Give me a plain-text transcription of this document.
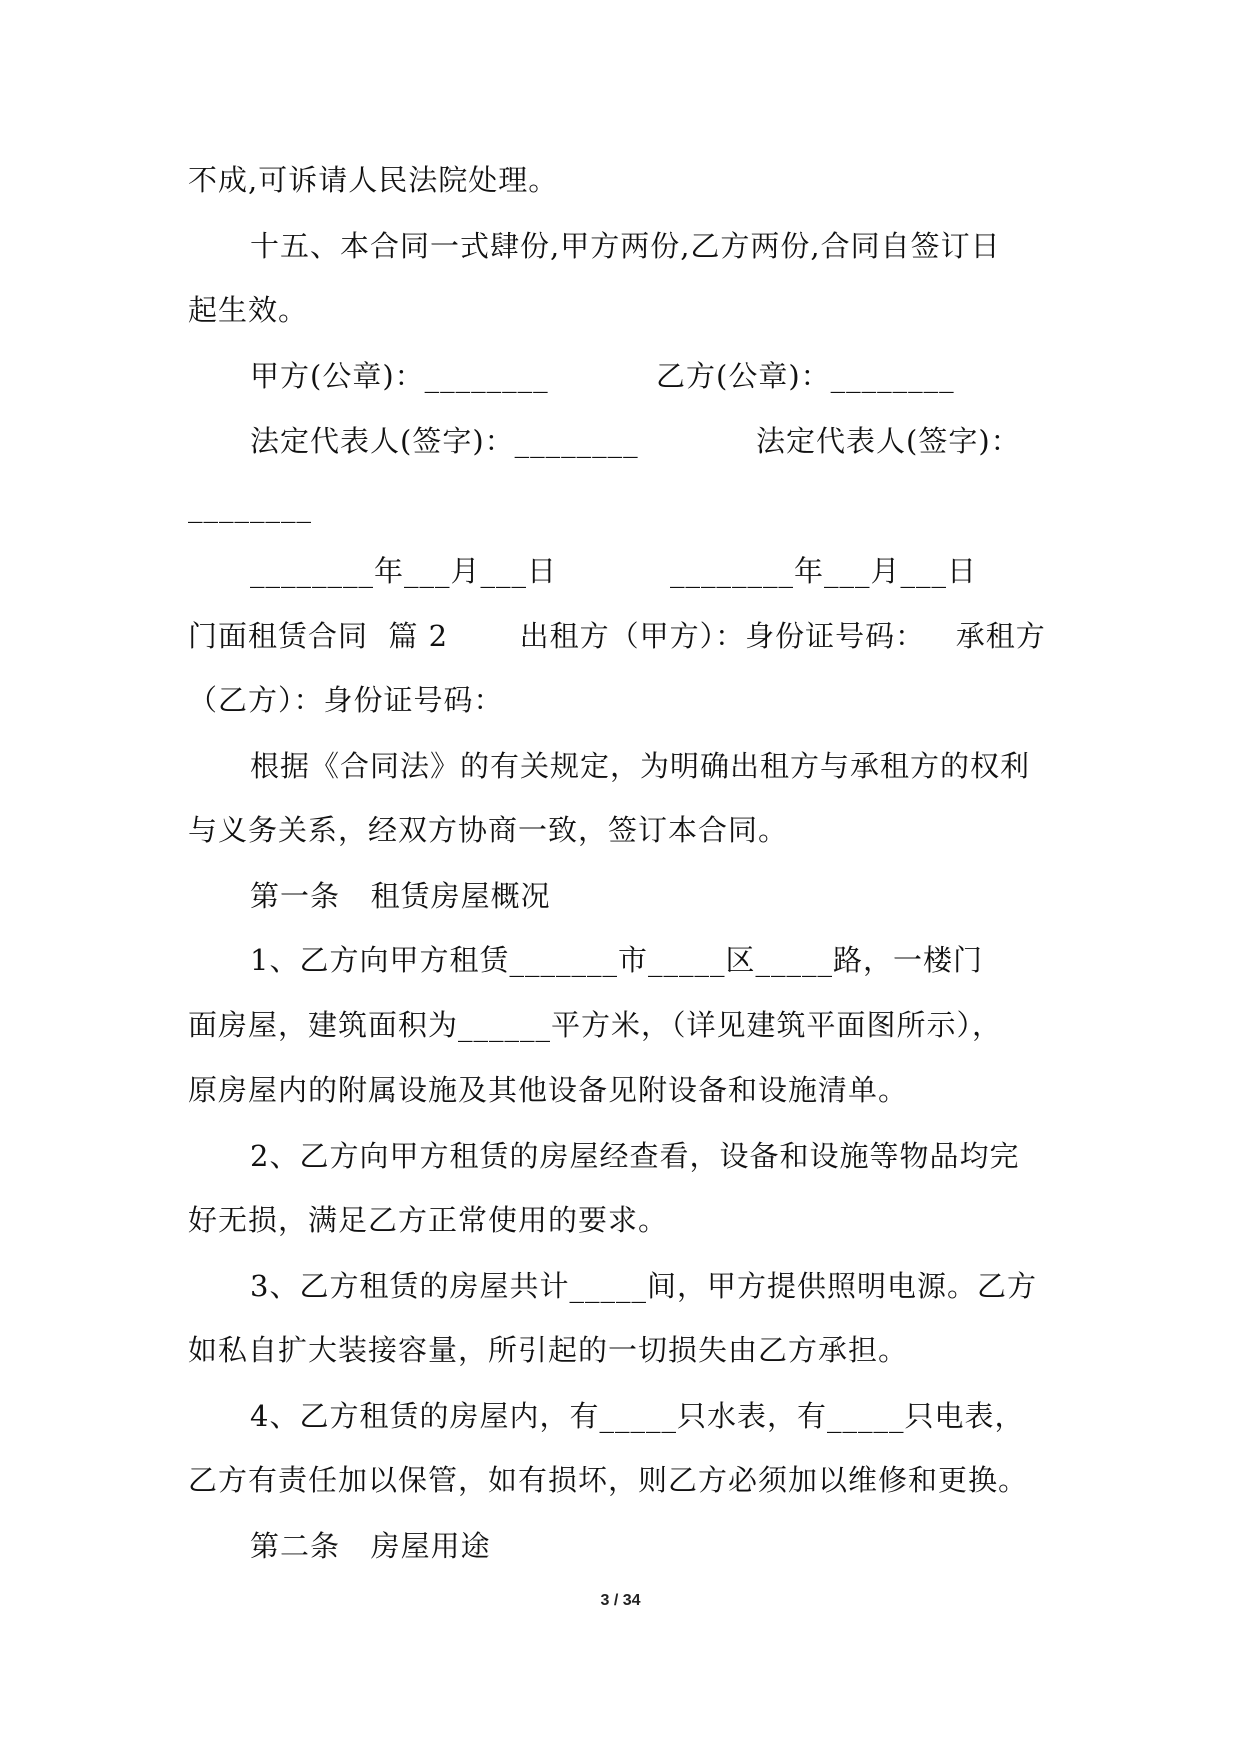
不成,可诉请人民法院处理。
十五、本合同一式肆份,甲方两份,乙方两份,合同自签订日
起生效。
甲方(公章)：________	乙方(公章)：________
法定代表人(签字)：________	法定代表人(签字)：
________
________年___月___日	________年___月___日
门面租赁合同  篇 2       出租方（甲方）：身份证号码：   承租方
（乙方）：身份证号码：
根据《合同法》的有关规定，为明确出租方与承租方的权利
与义务关系，经双方协商一致，签订本合同。
第一条   租赁房屋概况
1、乙方向甲方租赁_______市_____区_____路，一楼门
面房屋，建筑面积为______平方米，（详见建筑平面图所示），
原房屋内的附属设施及其他设备见附设备和设施清单。
2、乙方向甲方租赁的房屋经查看，设备和设施等物品均完
好无损，满足乙方正常使用的要求。
3、乙方租赁的房屋共计_____间，甲方提供照明电源。乙方
如私自扩大装接容量，所引起的一切损失由乙方承担。
4、乙方租赁的房屋内，有_____只水表，有_____只电表，
乙方有责任加以保管，如有损坏，则乙方必须加以维修和更换。
第二条   房屋用途
3 / 34
